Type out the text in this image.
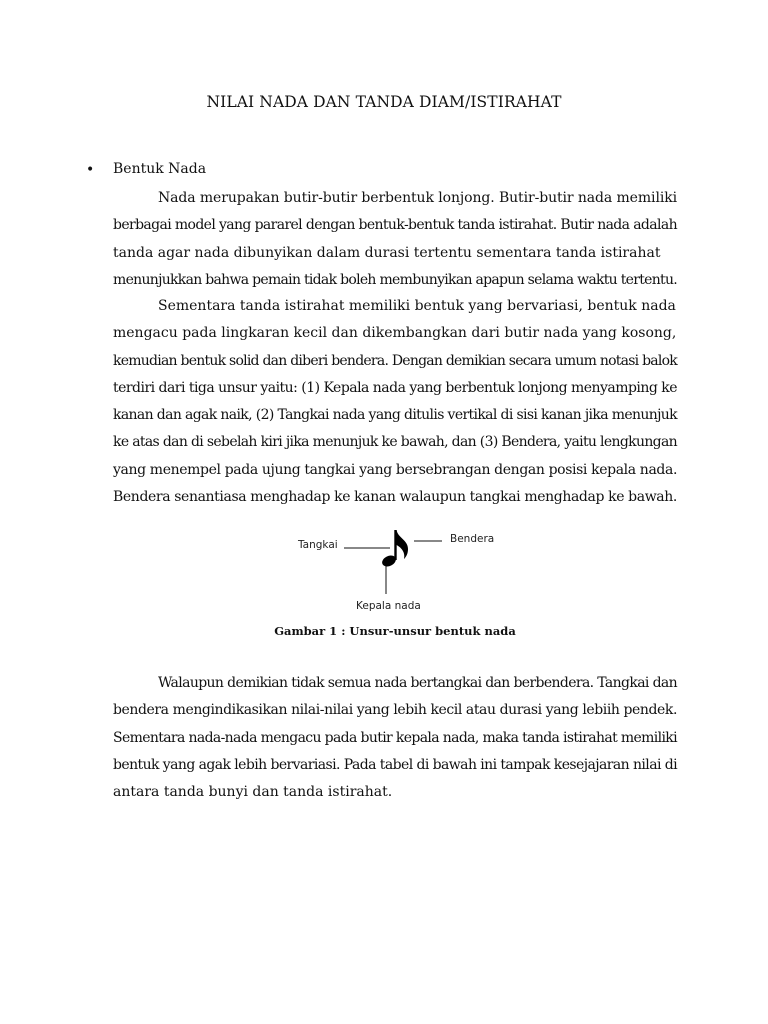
NILAI NADA DAN TANDA DIAM/ISTIRAHAT
• Bentuk Nada
Nada merupakan butir-butir berbentuk lonjong. Butir-butir nada memiliki
berbagai model yang pararel dengan bentuk-bentuk tanda istirahat. Butir nada adalah
tanda agar nada dibunyikan dalam durasi tertentu sementara tanda istirahat
menunjukkan bahwa pemain tidak boleh membunyikan apapun selama waktu tertentu.
Sementara tanda istirahat memiliki bentuk yang bervariasi, bentuk nada
mengacu pada lingkaran kecil dan dikembangkan dari butir nada yang kosong,
kemudian bentuk solid dan diberi bendera. Dengan demikian secara umum notasi balok
terdiri dari tiga unsur yaitu: (1) Kepala nada yang berbentuk lonjong menyamping ke
kanan dan agak naik, (2) Tangkai nada yang ditulis vertikal di sisi kanan jika menunjuk
ke atas dan di sebelah kiri jika menunjuk ke bawah, dan (3) Bendera, yaitu lengkungan
yang menempel pada ujung tangkai yang bersebrangan dengan posisi kepala nada.
Bendera senantiasa menghadap ke kanan walaupun tangkai menghadap ke bawah.
Tangkai	Bendera
Kepala nada
Gambar 1 : Unsur-unsur bentuk nada
Walaupun demikian tidak semua nada bertangkai dan berbendera. Tangkai dan
bendera mengindikasikan nilai-nilai yang lebih kecil atau durasi yang lebiih pendek.
Sementara nada-nada mengacu pada butir kepala nada, maka tanda istirahat memiliki
bentuk yang agak lebih bervariasi. Pada tabel di bawah ini tampak kesejajaran nilai di
antara tanda bunyi dan tanda istirahat.
